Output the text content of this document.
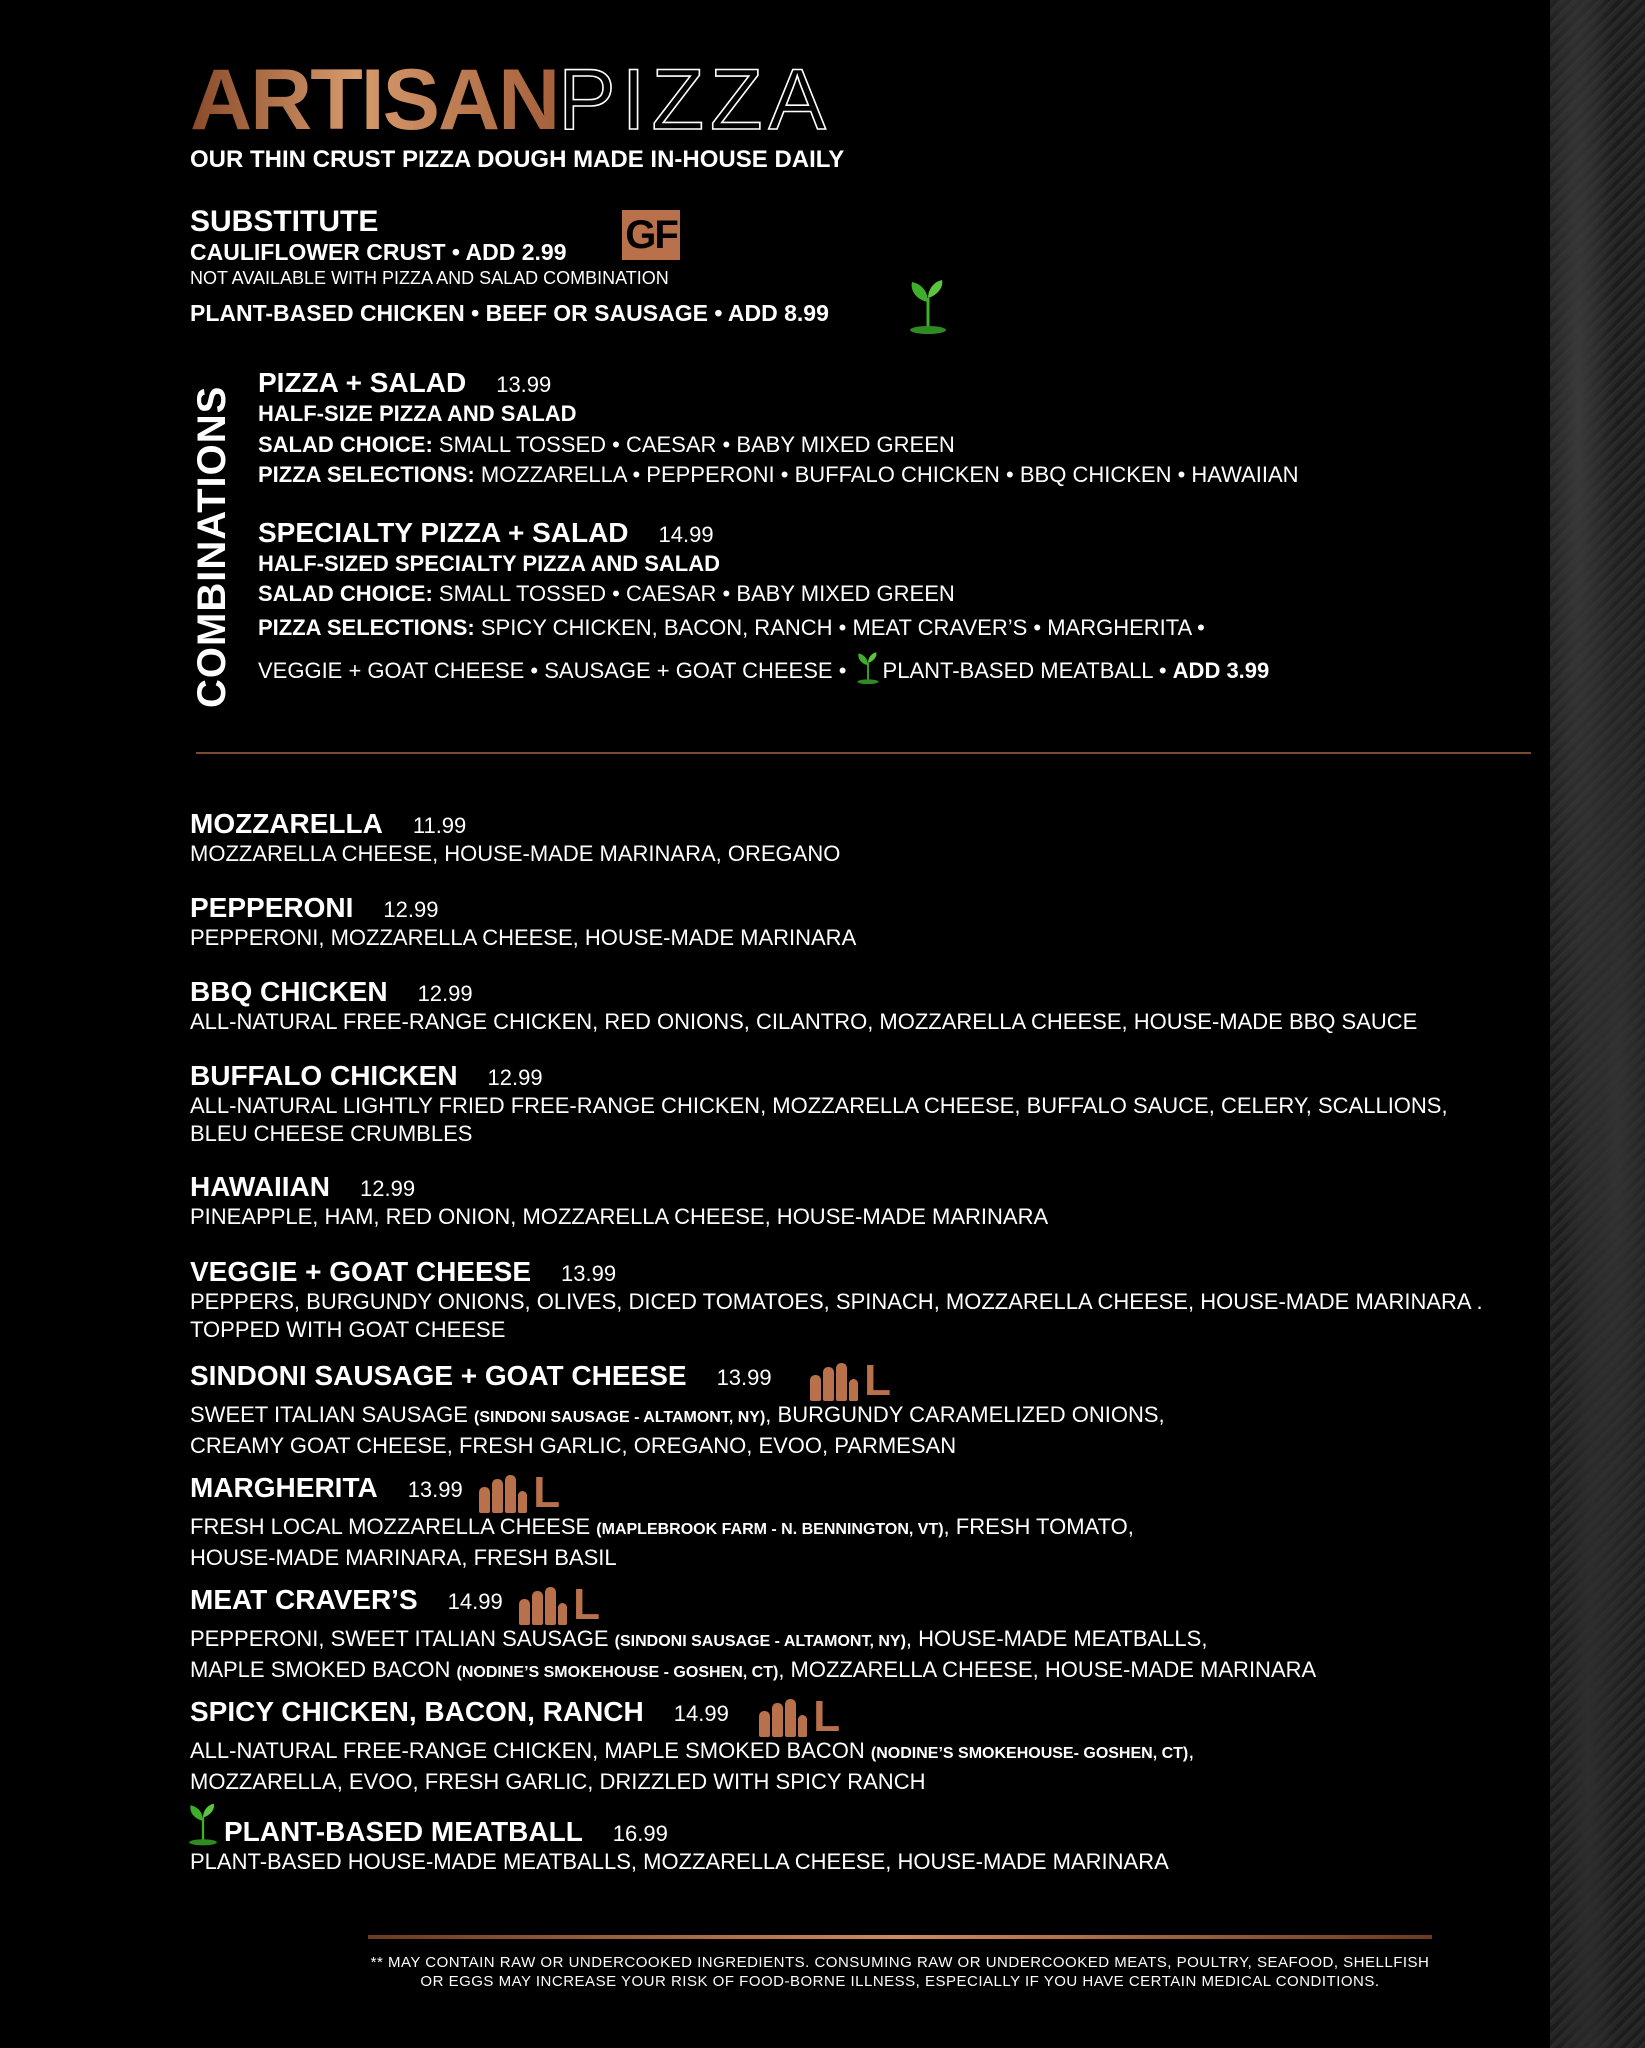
ARTISANPIZZA
OUR THIN CRUST PIZZA DOUGH MADE IN-HOUSE DAILY
SUBSTITUTE
CAULIFLOWER CRUST • ADD 2.99 GF
NOT AVAILABLE WITH PIZZA AND SALAD COMBINATION
PLANT-BASED CHICKEN • BEEF OR SAUSAGE • ADD 8.99
COMBINATIONS
PIZZA + SALAD 13.99
HALF-SIZE PIZZA AND SALAD
SALAD CHOICE: SMALL TOSSED • CAESAR • BABY MIXED GREEN
PIZZA SELECTIONS: MOZZARELLA • PEPPERONI • BUFFALO CHICKEN • BBQ CHICKEN • HAWAIIAN
SPECIALTY PIZZA + SALAD 14.99
HALF-SIZED SPECIALTY PIZZA AND SALAD
SALAD CHOICE: SMALL TOSSED • CAESAR • BABY MIXED GREEN
PIZZA SELECTIONS: SPICY CHICKEN, BACON, RANCH • MEAT CRAVER’S • MARGHERITA •
VEGGIE + GOAT CHEESE • SAUSAGE + GOAT CHEESE • PLANT-BASED MEATBALL • ADD 3.99
MOZZARELLA 11.99
MOZZARELLA CHEESE, HOUSE-MADE MARINARA, OREGANO
PEPPERONI 12.99
PEPPERONI, MOZZARELLA CHEESE, HOUSE-MADE MARINARA
BBQ CHICKEN 12.99
ALL-NATURAL FREE-RANGE CHICKEN, RED ONIONS, CILANTRO, MOZZARELLA CHEESE, HOUSE-MADE BBQ SAUCE
BUFFALO CHICKEN 12.99
ALL-NATURAL LIGHTLY FRIED FREE-RANGE CHICKEN, MOZZARELLA CHEESE, BUFFALO SAUCE, CELERY, SCALLIONS,
BLEU CHEESE CRUMBLES
HAWAIIAN 12.99
PINEAPPLE, HAM, RED ONION, MOZZARELLA CHEESE, HOUSE-MADE MARINARA
VEGGIE + GOAT CHEESE 13.99
PEPPERS, BURGUNDY ONIONS, OLIVES, DICED TOMATOES, SPINACH, MOZZARELLA CHEESE, HOUSE-MADE MARINARA .
TOPPED WITH GOAT CHEESE
SINDONI SAUSAGE + GOAT CHEESE 13.99 L
SWEET ITALIAN SAUSAGE (SINDONI SAUSAGE - ALTAMONT, NY), BURGUNDY CARAMELIZED ONIONS,
CREAMY GOAT CHEESE, FRESH GARLIC, OREGANO, EVOO, PARMESAN
MARGHERITA 13.99 L
FRESH LOCAL MOZZARELLA CHEESE (MAPLEBROOK FARM - N. BENNINGTON, VT), FRESH TOMATO,
HOUSE-MADE MARINARA, FRESH BASIL
MEAT CRAVER’S 14.99 L
PEPPERONI, SWEET ITALIAN SAUSAGE (SINDONI SAUSAGE - ALTAMONT, NY), HOUSE-MADE MEATBALLS,
MAPLE SMOKED BACON (NODINE’S SMOKEHOUSE - GOSHEN, CT), MOZZARELLA CHEESE, HOUSE-MADE MARINARA
SPICY CHICKEN, BACON, RANCH 14.99 L
ALL-NATURAL FREE-RANGE CHICKEN, MAPLE SMOKED BACON (NODINE’S SMOKEHOUSE- GOSHEN, CT),
MOZZARELLA, EVOO, FRESH GARLIC, DRIZZLED WITH SPICY RANCH
PLANT-BASED MEATBALL 16.99
PLANT-BASED HOUSE-MADE MEATBALLS, MOZZARELLA CHEESE, HOUSE-MADE MARINARA
** MAY CONTAIN RAW OR UNDERCOOKED INGREDIENTS. CONSUMING RAW OR UNDERCOOKED MEATS, POULTRY, SEAFOOD, SHELLFISH
OR EGGS MAY INCREASE YOUR RISK OF FOOD-BORNE ILLNESS, ESPECIALLY IF YOU HAVE CERTAIN MEDICAL CONDITIONS.
